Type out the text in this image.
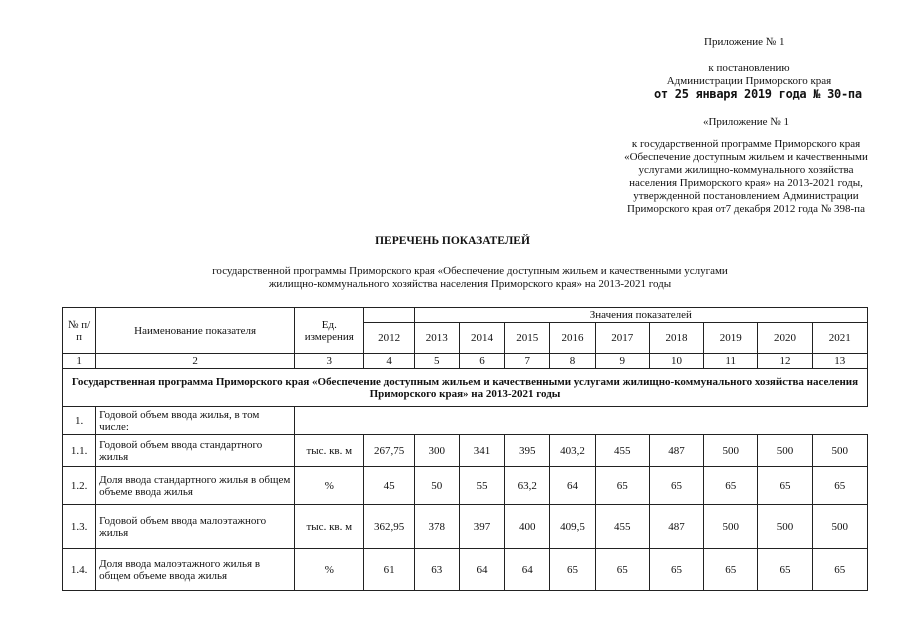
Приложение № 1
к постановлению
Администрации Приморского края
от 25 января 2019 года № 30-па
«Приложение № 1
к государственной программе Приморского края
«Обеспечение доступным жильем и качественными
услугами жилищно-коммунального хозяйства
населения Приморского края» на 2013-2021 годы,
утвержденной постановлением Администрации
Приморского края от7 декабря 2012 года № 398-па
ПЕРЕЧЕНЬ ПОКАЗАТЕЛЕЙ
государственной программы Приморского края «Обеспечение доступным жильем и качественными услугами
жилищно-коммунального хозяйства населения Приморского края» на 2013-2021 годы
№ п/п	Наименование показателя	Ед. измерения		Значения показателей								
			2012	2013	2014	2015	2016	2017	2018	2019	2020	2021
1	2	3	4	5	6	7	8	9	10	11	12	13
Государственная программа Приморского края «Обеспечение доступным жильем и качественными услугами жилищно-коммунального хозяйства населения Приморского края» на 2013-2021 годы												
1.	Годовой объем ввода жилья, в том числе:											
1.1.	Годовой объем ввода стандартного жилья	тыс. кв. м	267,75	300	341	395	403,2	455	487	500	500	500
1.2.	Доля ввода стандартного жилья в общем объеме ввода жилья	%	45	50	55	63,2	64	65	65	65	65	65
1.3.	Годовой объем ввода малоэтажного жилья	тыс. кв. м	362,95	378	397	400	409,5	455	487	500	500	500
1.4.	Доля ввода малоэтажного жилья в общем объеме ввода жилья	%	61	63	64	64	65	65	65	65	65	65
